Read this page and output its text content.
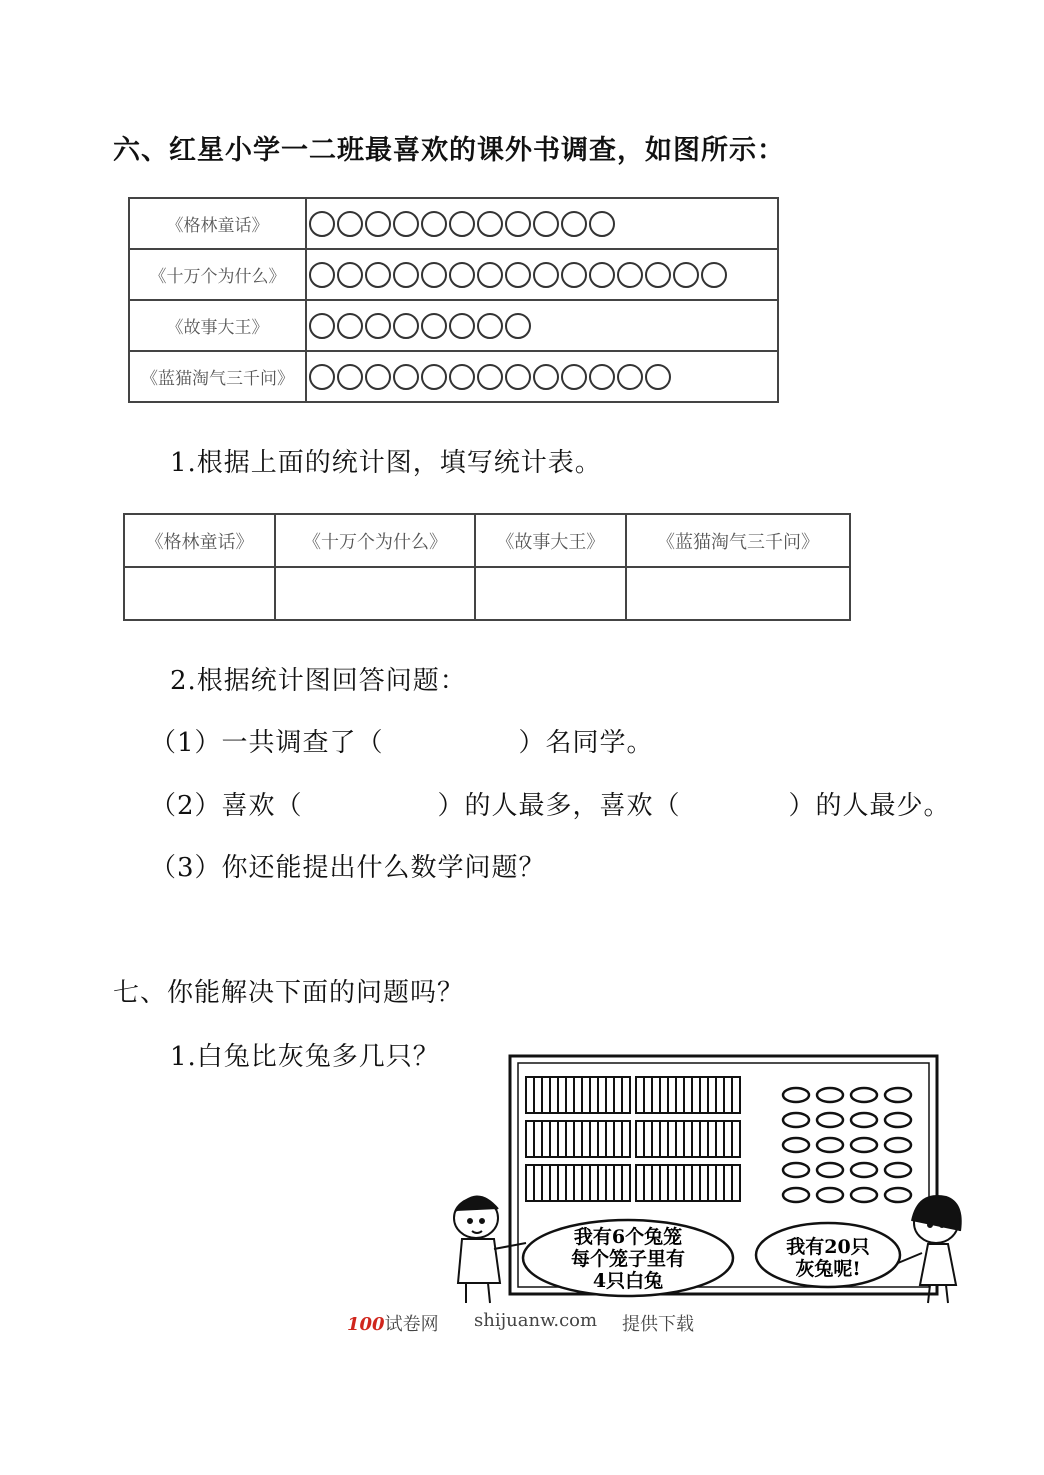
六、红星小学一二班最喜欢的课外书调查，如图所示：
《格林童话》	

《十万个为什么》	

《故事大王》	

《蓝猫淘气三千问》	
1.根据上面的统计图，填写统计表。
《格林童话》	《十万个为什么》	《故事大王》	《蓝猫淘气三千问》

2.根据统计图回答问题：
（1）一共调查了（　　　　　）名同学。
（2）喜欢（　　　　　）的人最多，喜欢（　　　　）的人最少。
（3）你还能提出什么数学问题？
七、你能解决下面的问题吗？
1.白兔比灰兔多几只？
我有6个兔笼
每个笼子里有
4只白兔
我有20只
灰兔呢!
100试卷网 shijuanw.com 提供下载
